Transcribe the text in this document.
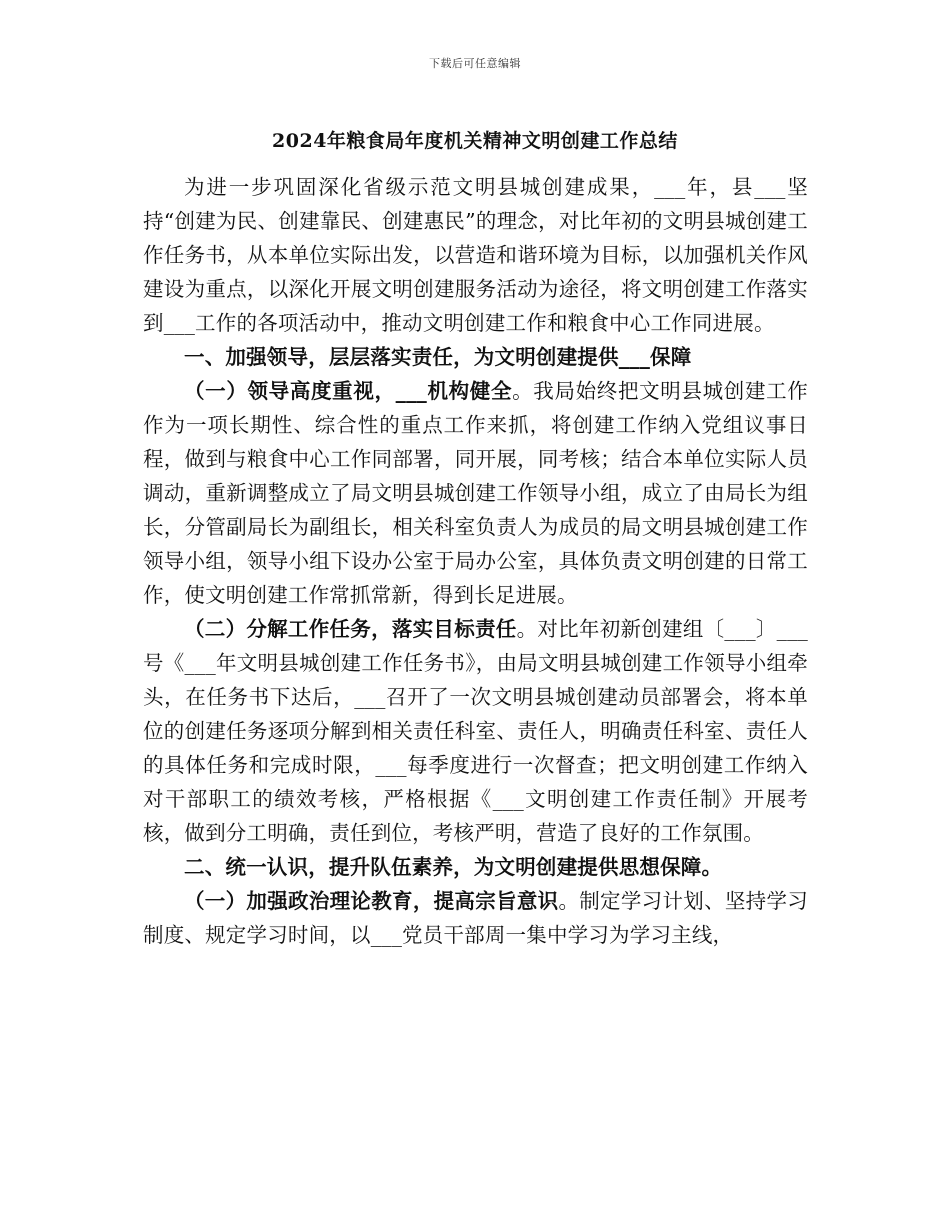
下载后可任意编辑
2024年粮食局年度机关精神文明创建工作总结

为进一步巩固深化省级示范文明县城创建成果，___年，县___坚持“创建为民、创建靠民、创建惠民”的理念，对比年初的文明县城创建工作任务书，从本单位实际出发，以营造和谐环境为目标，以加强机关作风建设为重点，以深化开展文明创建服务活动为途径，将文明创建工作落实到___工作的各项活动中，推动文明创建工作和粮食中心工作同进展。

一、加强领导，层层落实责任，为文明创建提供___保障

（一）领导高度重视，___机构健全。我局始终把文明县城创建工作作为一项长期性、综合性的重点工作来抓，将创建工作纳入党组议事日程，做到与粮食中心工作同部署，同开展，同考核；结合本单位实际人员调动，重新调整成立了局文明县城创建工作领导小组，成立了由局长为组长，分管副局长为副组长，相关科室负责人为成员的局文明县城创建工作领导小组，领导小组下设办公室于局办公室，具体负责文明创建的日常工作，使文明创建工作常抓常新，得到长足进展。

（二）分解工作任务，落实目标责任。对比年初新创建组〔___〕___号《___年文明县城创建工作任务书》，由局文明县城创建工作领导小组牵头，在任务书下达后，___召开了一次文明县城创建动员部署会，将本单位的创建任务逐项分解到相关责任科室、责任人，明确责任科室、责任人的具体任务和完成时限，___每季度进行一次督查；把文明创建工作纳入对干部职工的绩效考核，严格根据《___文明创建工作责任制》开展考核，做到分工明确，责任到位，考核严明，营造了良好的工作氛围。

二、统一认识，提升队伍素养，为文明创建提供思想保障。

（一）加强政治理论教育，提高宗旨意识。制定学习计划、坚持学习制度、规定学习时间，以___党员干部周一集中学习为学习主线，
